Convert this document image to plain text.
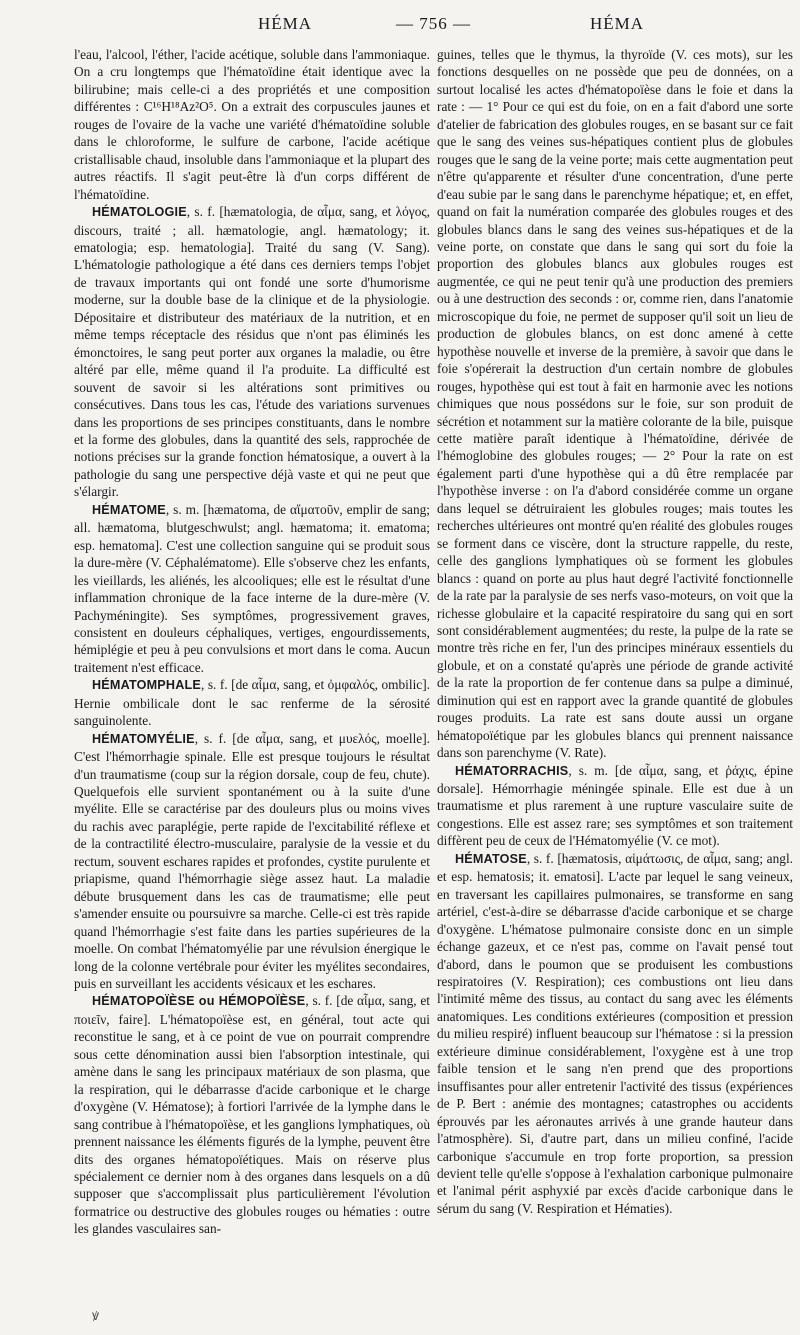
HÉMA	— 756 —	HÉMA

l'eau, l'alcool, l'éther, l'acide acétique, soluble dans l'ammoniaque. On a cru longtemps que l'hématoïdine était identique avec la bilirubine; mais celle-ci a des propriétés et une composition différentes : C¹⁶H¹⁸Az²O⁵. On a extrait des corpuscules jaunes et rouges de l'ovaire de la vache une variété d'hématoïdine soluble dans le chloroforme, le sulfure de carbone, l'acide acétique cristallisable chaud, insoluble dans l'ammoniaque et la plupart des autres réactifs. Il s'agit peut-être là d'un corps différent de l'hématoïdine.

HÉMATOLOGIE, s. f. [hæmatologia, de αἷμα, sang, et λόγος, discours, traité ; all. hæmatologie, angl. hæmatology; it. ematologia; esp. hematologia]. Traité du sang (V. Sang). L'hématologie pathologique a été dans ces derniers temps l'objet de travaux importants qui ont fondé une sorte d'humorisme moderne, sur la double base de la clinique et de la physiologie. Dépositaire et distributeur des matériaux de la nutrition, et en même temps réceptacle des résidus que n'ont pas éliminés les émonctoires, le sang peut porter aux organes la maladie, ou être altéré par elle, même quand il l'a produite. La difficulté est souvent de savoir si les altérations sont primitives ou consécutives. Dans tous les cas, l'étude des variations survenues dans les proportions de ses principes constituants, dans le nombre et la forme des globules, dans la quantité des sels, rapprochée de notions précises sur la grande fonction hématosique, a ouvert à la pathologie du sang une perspective déjà vaste et qui ne peut que s'élargir.

HÉMATOME, s. m. [hæmatoma, de αἵματοῦν, emplir de sang; all. hæmatoma, blutgeschwulst; angl. hæmatoma; it. ematoma; esp. hematoma]. C'est une collection sanguine qui se produit sous la dure-mère (V. Céphalématome). Elle s'observe chez les enfants, les vieillards, les aliénés, les alcooliques; elle est le résultat d'une inflammation chronique de la face interne de la dure-mère (V. Pachyméningite). Ses symptômes, progressivement graves, consistent en douleurs céphaliques, vertiges, engourdissements, hémiplégie et peu à peu convulsions et mort dans le coma. Aucun traitement n'est efficace.

HÉMATOMPHALE, s. f. [de αἷμα, sang, et ὀμφαλός, ombilic]. Hernie ombilicale dont le sac renferme de la sérosité sanguinolente.

HÉMATOMYÉLIE, s. f. [de αἷμα, sang, et μυελός, moelle]. C'est l'hémorrhagie spinale. Elle est presque toujours le résultat d'un traumatisme (coup sur la région dorsale, coup de feu, chute). Quelquefois elle survient spontanément ou à la suite d'une myélite. Elle se caractérise par des douleurs plus ou moins vives du rachis avec paraplégie, perte rapide de l'excitabilité réflexe et de la contractilité électro-musculaire, paralysie de la vessie et du rectum, souvent eschares rapides et profondes, cystite purulente et priapisme, quand l'hémorrhagie siège assez haut. La maladie débute brusquement dans les cas de traumatisme; elle peut s'amender ensuite ou poursuivre sa marche. Celle-ci est très rapide quand l'hémorrhagie s'est faite dans les parties supérieures de la moelle. On combat l'hématomyélie par une révulsion énergique le long de la colonne vertébrale pour éviter les myélites secondaires, puis en surveillant les accidents vésicaux et les eschares.

HÉMATOPOÏÈSE ou HÉMOPOÏÈSE, s. f. [de αἷμα, sang, et ποιεῖν, faire]. L'hématopoïèse est, en général, tout acte qui reconstitue le sang, et à ce point de vue on pourrait comprendre sous cette dénomination aussi bien l'absorption intestinale, qui amène dans le sang les principaux matériaux de son plasma, que la respiration, qui le débarrasse d'acide carbonique et le charge d'oxygène (V. Hématose); à fortiori l'arrivée de la lymphe dans le sang contribue à l'hématopoïèse, et les ganglions lymphatiques, où prennent naissance les éléments figurés de la lymphe, peuvent être dits des organes hématopoïétiques. Mais on réserve plus spécialement ce dernier nom à des organes dans lesquels on a dû supposer que s'accomplissait plus particulièrement l'évolution formatrice ou destructive des globules rouges ou hématies : outre les glandes vasculaires san-

guines, telles que le thymus, la thyroïde (V. ces mots), sur les fonctions desquelles on ne possède que peu de données, on a surtout localisé les actes d'hématopoïèse dans le foie et dans la rate : — 1° Pour ce qui est du foie, on en a fait d'abord une sorte d'atelier de fabrication des globules rouges, en se basant sur ce fait que le sang des veines sus-hépatiques contient plus de globules rouges que le sang de la veine porte; mais cette augmentation peut n'être qu'apparente et résulter d'une concentration, d'une perte d'eau subie par le sang dans le parenchyme hépatique; et, en effet, quand on fait la numération comparée des globules rouges et des globules blancs dans le sang des veines sus-hépatiques et de la veine porte, on constate que dans le sang qui sort du foie la proportion des globules blancs aux globules rouges est augmentée, ce qui ne peut tenir qu'à une production des premiers ou à une destruction des seconds : or, comme rien, dans l'anatomie microscopique du foie, ne permet de supposer qu'il soit un lieu de production de globules blancs, on est donc amené à cette hypothèse nouvelle et inverse de la première, à savoir que dans le foie s'opérerait la destruction d'un certain nombre de globules rouges, hypothèse qui est tout à fait en harmonie avec les notions chimiques que nous possédons sur le foie, sur son produit de sécrétion et notamment sur la matière colorante de la bile, puisque cette matière paraît identique à l'hématoïdine, dérivée de l'hémoglobine des globules rouges; — 2° Pour la rate on est également parti d'une hypothèse qui a dû être remplacée par l'hypothèse inverse : on l'a d'abord considérée comme un organe dans lequel se détruiraient les globules rouges; mais toutes les recherches ultérieures ont montré qu'en réalité des globules rouges se forment dans ce viscère, dont la structure rappelle, du reste, celle des ganglions lymphatiques où se forment les globules blancs : quand on porte au plus haut degré l'activité fonctionnelle de la rate par la paralysie de ses nerfs vaso-moteurs, on voit que la richesse globulaire et la capacité respiratoire du sang qui en sort sont considérablement augmentées; du reste, la pulpe de la rate se montre très riche en fer, l'un des principes minéraux essentiels du globule, et on a constaté qu'après une période de grande activité de la rate la proportion de fer contenue dans sa pulpe a diminué, diminution qui est en rapport avec la grande quantité de globules rouges produits. La rate est sans doute aussi un organe hématopoïétique par les globules blancs qui prennent naissance dans son parenchyme (V. Rate).

HÉMATORRACHIS, s. m. [de αἷμα, sang, et ῥάχις, épine dorsale]. Hémorrhagie méningée spinale. Elle est due à un traumatisme et plus rarement à une rupture vasculaire suite de congestions. Elle est assez rare; ses symptômes et son traitement diffèrent peu de ceux de l'Hématomyélie (V. ce mot).

HÉMATOSE, s. f. [hæmatosis, αἱμάτωσις, de αἷμα, sang; angl. et esp. hematosis; it. ematosi]. L'acte par lequel le sang veineux, en traversant les capillaires pulmonaires, se transforme en sang artériel, c'est-à-dire se débarrasse d'acide carbonique et se charge d'oxygène. L'hématose pulmonaire consiste donc en un simple échange gazeux, et ce n'est pas, comme on l'avait pensé tout d'abord, dans le poumon que se produisent les combustions respiratoires (V. Respiration); ces combustions ont lieu dans l'intimité même des tissus, au contact du sang avec les éléments anatomiques. Les conditions extérieures (composition et pression du milieu respiré) influent beaucoup sur l'hématose : si la pression extérieure diminue considérablement, l'oxygène est à une trop faible tension et le sang n'en prend que des proportions insuffisantes pour aller entretenir l'activité des tissus (expériences de P. Bert : anémie des montagnes; catastrophes ou accidents éprouvés par les aéronautes arrivés à une grande hauteur dans l'atmosphère). Si, d'autre part, dans un milieu confiné, l'acide carbonique s'accumule en trop forte proportion, sa pression devient telle qu'elle s'oppose à l'exhalation carbonique pulmonaire et l'animal périt asphyxié par excès d'acide carbonique dans le sérum du sang (V. Respiration et Hématies).

ꝟ
